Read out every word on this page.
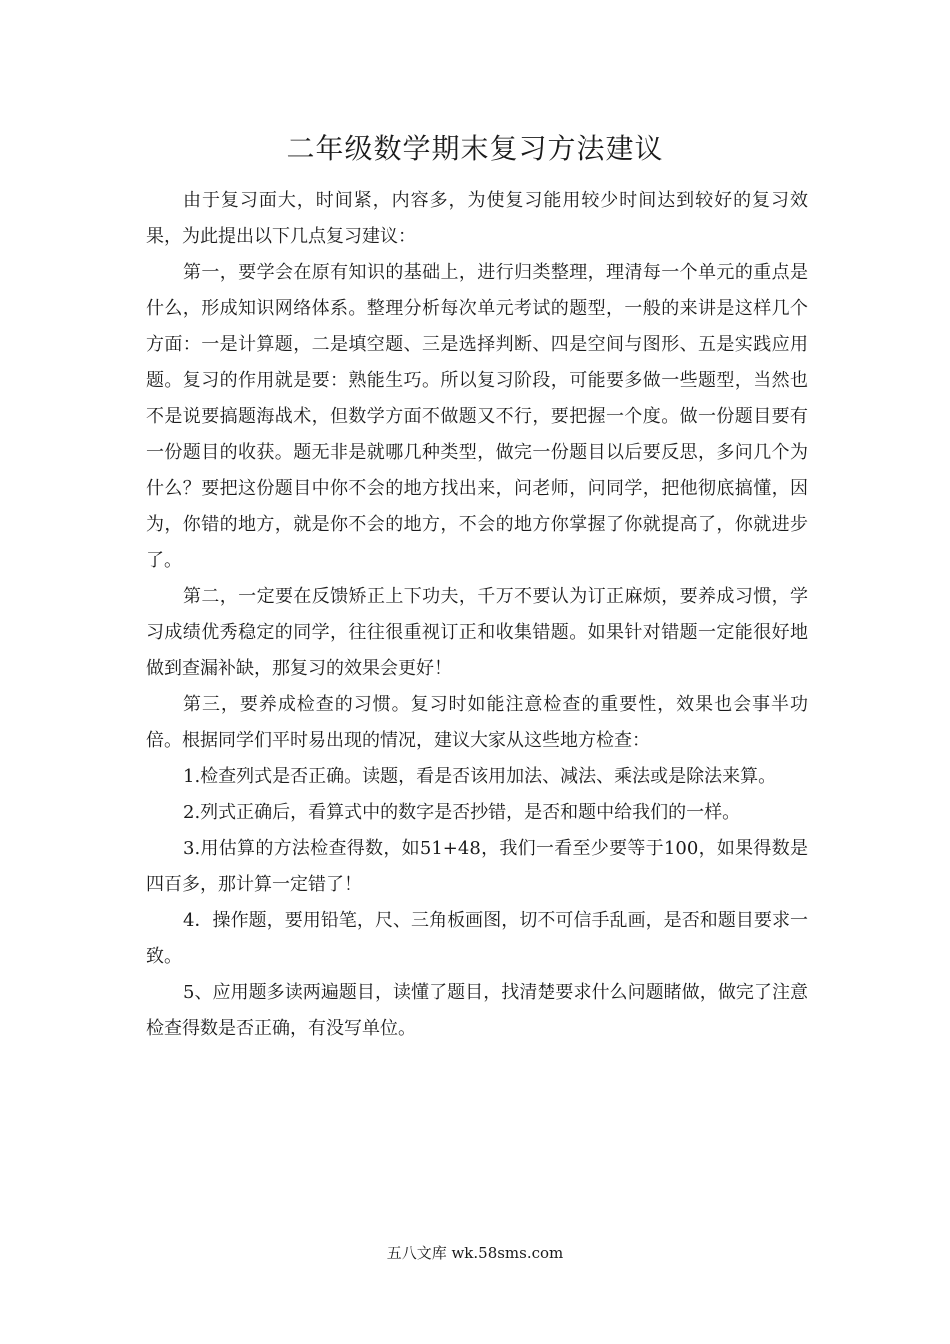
二年级数学期末复习方法建议

由于复习面大，时间紧，内容多，为使复习能用较少时间达到较好的复习效果，为此提出以下几点复习建议：

第一，要学会在原有知识的基础上，进行归类整理，理清每一个单元的重点是什么，形成知识网络体系。整理分析每次单元考试的题型，一般的来讲是这样几个方面：一是计算题，二是填空题、三是选择判断、四是空间与图形、五是实践应用题。复习的作用就是要：熟能生巧。所以复习阶段，可能要多做一些题型，当然也不是说要搞题海战术，但数学方面不做题又不行，要把握一个度。做一份题目要有一份题目的收获。题无非是就哪几种类型，做完一份题目以后要反思，多问几个为什么？要把这份题目中你不会的地方找出来，问老师，问同学，把他彻底搞懂，因为，你错的地方，就是你不会的地方，不会的地方你掌握了你就提高了，你就进步了。

第二，一定要在反馈矫正上下功夫，千万不要认为订正麻烦，要养成习惯，学习成绩优秀稳定的同学，往往很重视订正和收集错题。如果针对错题一定能很好地做到查漏补缺，那复习的效果会更好！

第三，要养成检查的习惯。复习时如能注意检查的重要性，效果也会事半功倍。根据同学们平时易出现的情况，建议大家从这些地方检查：

1.检查列式是否正确。读题，看是否该用加法、减法、乘法或是除法来算。

2.列式正确后，看算式中的数字是否抄错，是否和题中给我们的一样。

3.用估算的方法检查得数，如51+48，我们一看至少要等于100，如果得数是四百多，那计算一定错了！

4．操作题，要用铅笔，尺、三角板画图，切不可信手乱画，是否和题目要求一致。

5、应用题多读两遍题目，读懂了题目，找清楚要求什么问题睹做，做完了注意检查得数是否正确，有没写单位。

五八文库 wk.58sms.com
